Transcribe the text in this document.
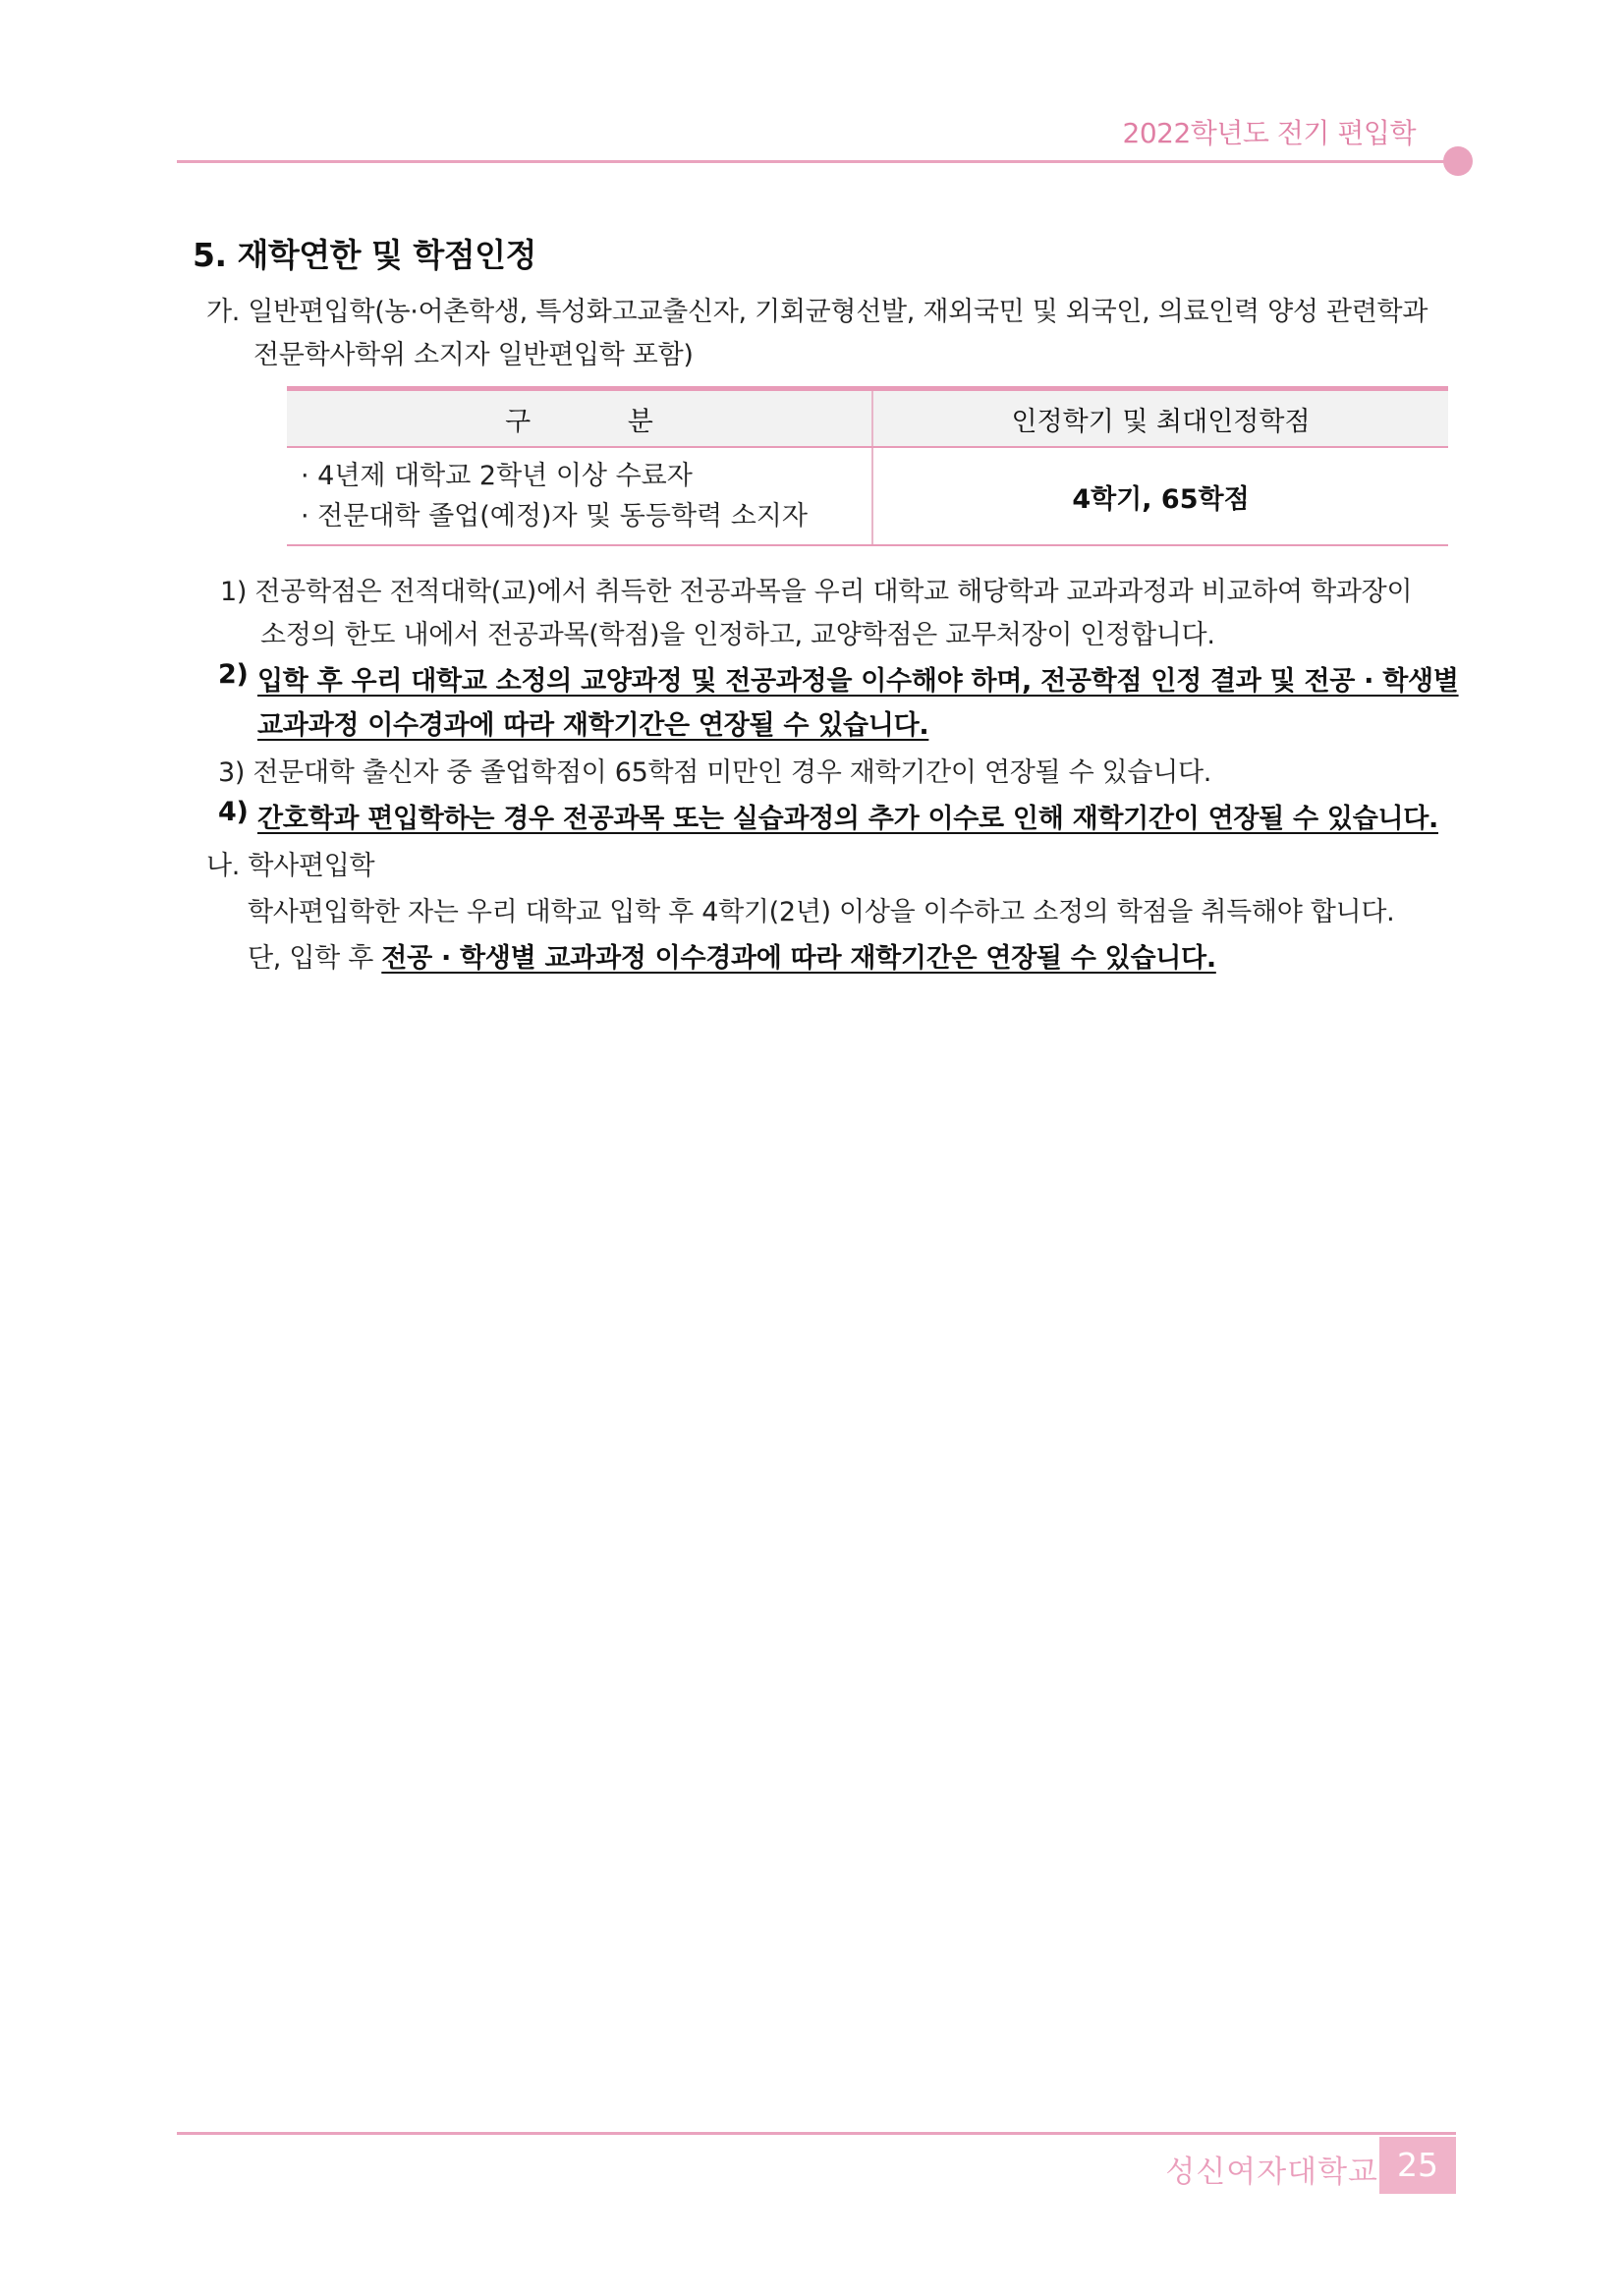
2022학년도 전기 편입학
5. 재학연한 및 학점인정
가. 일반편입학(농·어촌학생, 특성화고교출신자, 기회균형선발, 재외국민 및 외국인, 의료인력 양성 관련학과
전문학사학위 소지자 일반편입학 포함)
구 분	인정학기 및 최대인정학점

· 4년제 대학교 2학년 이상 수료자
· 전문대학 졸업(예정)자 및 동등학력 소지자	4학기, 65학점
1) 전공학점은 전적대학(교)에서 취득한 전공과목을 우리 대학교 해당학과 교과과정과 비교하여 학과장이
소정의 한도 내에서 전공과목(학점)을 인정하고, 교양학점은 교무처장이 인정합니다.
2) 입학 후 우리 대학교 소정의 교양과정 및 전공과정을 이수해야 하며, 전공학점 인정 결과 및 전공 · 학생별
교과과정 이수경과에 따라 재학기간은 연장될 수 있습니다.
3) 전문대학 출신자 중 졸업학점이 65학점 미만인 경우 재학기간이 연장될 수 있습니다.
4) 간호학과 편입학하는 경우 전공과목 또는 실습과정의 추가 이수로 인해 재학기간이 연장될 수 있습니다.
나. 학사편입학
학사편입학한 자는 우리 대학교 입학 후 4학기(2년) 이상을 이수하고 소정의 학점을 취득해야 합니다.
단, 입학 후 전공 · 학생별 교과과정 이수경과에 따라 재학기간은 연장될 수 있습니다.
성신여자대학교 25
